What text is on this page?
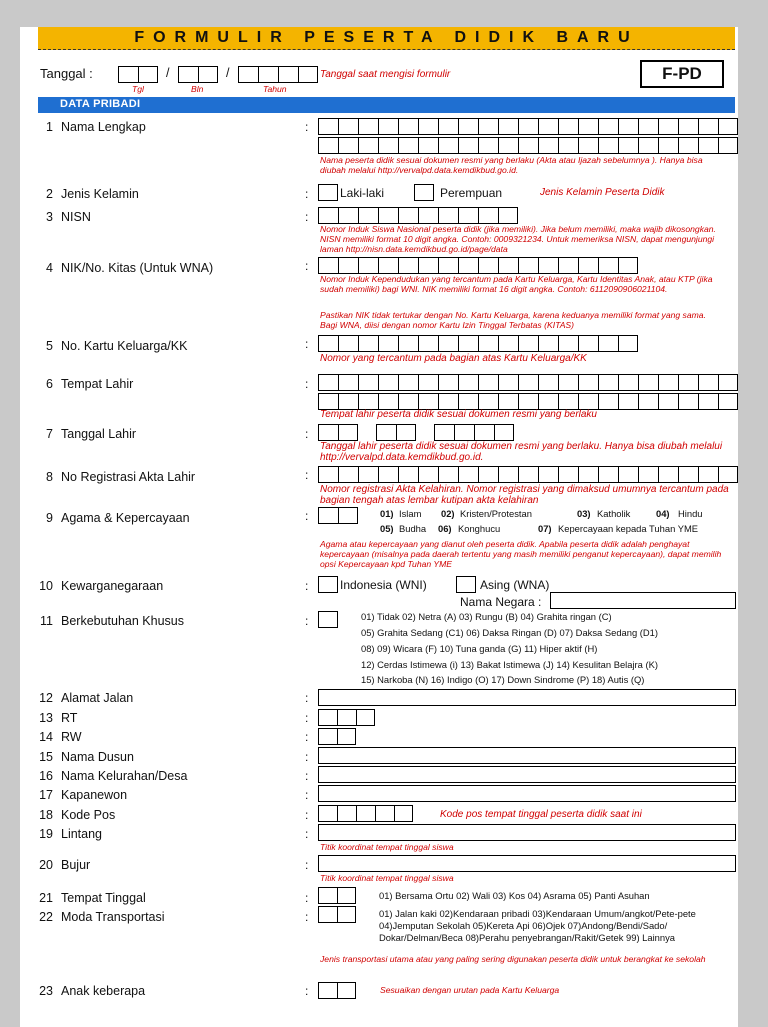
FORMULIR PESERTA DIDIK BARU
Tanggal :	/	/	Tanggal saat mengisi formulir
Tgl	Bln	Tahun
F-PD
DATA PRIBADI
1 Nama Lengkap	:
Nama peserta didik sesuai dokumen resmi yang berlaku (Akta atau Ijazah sebelumnya ). Hanya bisa diubah melalui http://vervalpd.data.kemdikbud.go.id.
2 Jenis Kelamin	:	Laki-laki	Perempuan	Jenis Kelamin Peserta Didik
3 NISN	:
Nomor Induk Siswa Nasional peserta didik (jika memiliki). Jika belum memiliki, maka wajib dikosongkan. NISN memiliki format 10 digit angka. Contoh: 0009321234. Untuk memeriksa NISN, dapat mengunjungi laman http://nisn.data.kemdikbud.go.id/page/data
4 NIK/No. Kitas (Untuk WNA)	:
Nomor Induk Kependudukan yang tercantum pada Kartu Keluarga, Kartu Identitas Anak, atau KTP (jika sudah memiliki) bagi WNI. NIK memiliki format 16 digit angka. Contoh: 6112090906021104.
Pastikan NIK tidak tertukar dengan No. Kartu Keluarga, karena keduanya memiliki format yang sama. Bagi WNA, diisi dengan nomor Kartu Izin Tinggal Terbatas (KITAS)
5 No. Kartu Keluarga/KK	:
Nomor yang tercantum pada bagian atas Kartu Keluarga/KK
6 Tempat Lahir	:
Tempat lahir peserta didik sesuai dokumen resmi yang berlaku
7 Tanggal Lahir	:
Tanggal lahir peserta didik sesuai dokumen resmi yang berlaku. Hanya bisa diubah melalui http://vervalpd.data.kemdikbud.go.id.
8 No Registrasi Akta Lahir	:
Nomor registrasi Akta Kelahiran. Nomor registrasi yang dimaksud umumnya tercantum pada bagian tengah atas lembar kutipan akta kelahiran
9 Agama & Kepercayaan	:	01) Islam 02) Kristen/Protestan	03) Katholik	04) Hindu
05) Budha 06) Konghucu	07) Kepercayaan kepada Tuhan YME
Agama atau kepercayaan yang dianut oleh peserta didik. Apabila peserta didik adalah penghayat kepercayaan (misalnya pada daerah tertentu yang masih memiliki penganut kepercayaan), dapat memilih opsi Kepercayaan kpd Tuhan YME
10 Kewarganegaraan	:	Indonesia (WNI)	Asing (WNA)
Nama Negara :
11 Berkebutuhan Khusus	:	01) Tidak 02) Netra (A) 03) Rungu (B) 04) Grahita ringan (C)
05) Grahita Sedang (C1) 06) Daksa Ringan (D) 07) Daksa Sedang (D1)
08) 09) Wicara (F) 10) Tuna ganda (G) 11) Hiper aktif (H)
12) Cerdas Istimewa (i) 13) Bakat Istimewa (J) 14) Kesulitan Belajra (K)
15) Narkoba (N) 16) Indigo (O) 17) Down Sindrome (P) 18) Autis (Q)
12 Alamat Jalan	:
13 RT	:
14 RW	:
15 Nama Dusun	:
16 Nama Kelurahan/Desa	:
17 Kapanewon	:
18 Kode Pos	:	Kode pos tempat tinggal peserta didik saat ini
19 Lintang	:
Titik koordinat tempat tinggal siswa
20 Bujur	:
Titik koordinat tempat tinggal siswa
21 Tempat Tinggal	:	01) Bersama Ortu 02) Wali 03) Kos 04) Asrama 05) Panti Asuhan
22 Moda Transportasi	:	01) Jalan kaki 02)Kendaraan pribadi 03)Kendaraan Umum/angkot/Pete-pete
04)Jemputan Sekolah 05)Kereta Api 06)Ojek 07)Andong/Bendi/Sado/
Dokar/Delman/Beca 08)Perahu penyebrangan/Rakit/Getek 99) Lainnya
Jenis transportasi utama atau yang paling sering digunakan peserta didik untuk berangkat ke sekolah
23 Anak keberapa	:	Sesuaikan dengan urutan pada Kartu Keluarga
